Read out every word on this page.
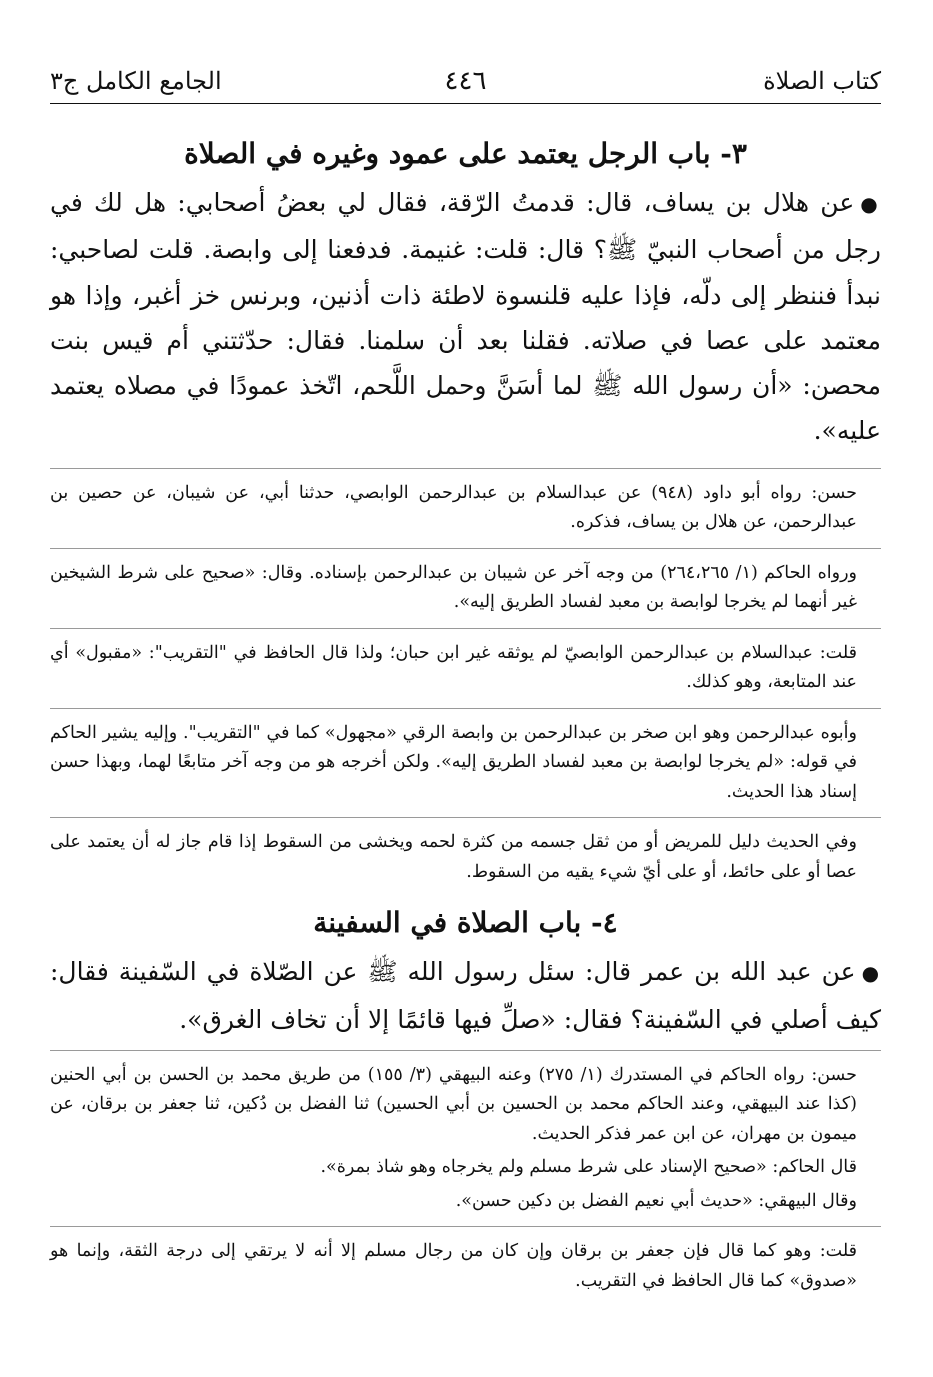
كتاب الصلاة
٤٤٦
الجامع الكامل ج٣
٣- باب الرجل يعتمد على عمود وغيره في الصلاة

●عن هلال بن يساف، قال: قدمتُ الرّقة، فقال لي بعضُ أصحابي: هل لك في رجل من أصحاب النبيّ ﷺ؟ قال: قلت: غنيمة. فدفعنا إلى وابصة. قلت لصاحبي: نبدأ فننظر إلى دلّه، فإذا عليه قلنسوة لاطئة ذات أذنين، وبرنس خز أغبر، وإذا هو معتمد على عصا في صلاته. فقلنا بعد أن سلمنا. فقال: حدّثتني أم قيس بنت محصن: «أن رسول الله ﷺ لما أسَنَّ وحمل اللَّحم، اتّخذ عمودًا في مصلاه يعتمد عليه».

حسن: رواه أبو داود (٩٤٨) عن عبدالسلام بن عبدالرحمن الوابصي، حدثنا أبي، عن شيبان، عن حصين بن عبدالرحمن، عن هلال بن يساف، فذكره.

ورواه الحاكم (١/ ٢٦٤،٢٦٥) من وجه آخر عن شيبان بن عبدالرحمن بإسناده. وقال: «صحيح على شرط الشيخين غير أنهما لم يخرجا لوابصة بن معبد لفساد الطريق إليه».

قلت: عبدالسلام بن عبدالرحمن الوابصيّ لم يوثقه غير ابن حبان؛ ولذا قال الحافظ في "التقريب": «مقبول» أي عند المتابعة، وهو كذلك.

وأبوه عبدالرحمن وهو ابن صخر بن عبدالرحمن بن وابصة الرقي «مجهول» كما في "التقريب". وإليه يشير الحاكم في قوله: «لم يخرجا لوابصة بن معبد لفساد الطريق إليه». ولكن أخرجه هو من وجه آخر متابعًا لهما، وبهذا حسن إسناد هذا الحديث.

وفي الحديث دليل للمريض أو من ثقل جسمه من كثرة لحمه ويخشى من السقوط إذا قام جاز له أن يعتمد على عصا أو على حائط، أو على أيّ شيء يقيه من السقوط.

٤- باب الصلاة في السفينة

●عن عبد الله بن عمر قال: سئل رسول الله ﷺ عن الصّلاة في السّفينة فقال: كيف أصلي في السّفينة؟ فقال: «صلِّ فيها قائمًا إلا أن تخاف الغرق».

حسن: رواه الحاكم في المستدرك (١/ ٢٧٥) وعنه البيهقي (٣/ ١٥٥) من طريق محمد بن الحسن بن أبي الحنين (كذا عند البيهقي، وعند الحاكم محمد بن الحسين بن أبي الحسين) ثنا الفضل بن دُكين، ثنا جعفر بن برقان، عن ميمون بن مهران، عن ابن عمر فذكر الحديث.

قال الحاكم: «صحيح الإسناد على شرط مسلم ولم يخرجاه وهو شاذ بمرة».

وقال البيهقي: «حديث أبي نعيم الفضل بن دكين حسن».

قلت: وهو كما قال فإن جعفر بن برقان وإن كان من رجال مسلم إلا أنه لا يرتقي إلى درجة الثقة، وإنما هو «صدوق» كما قال الحافظ في التقريب.
